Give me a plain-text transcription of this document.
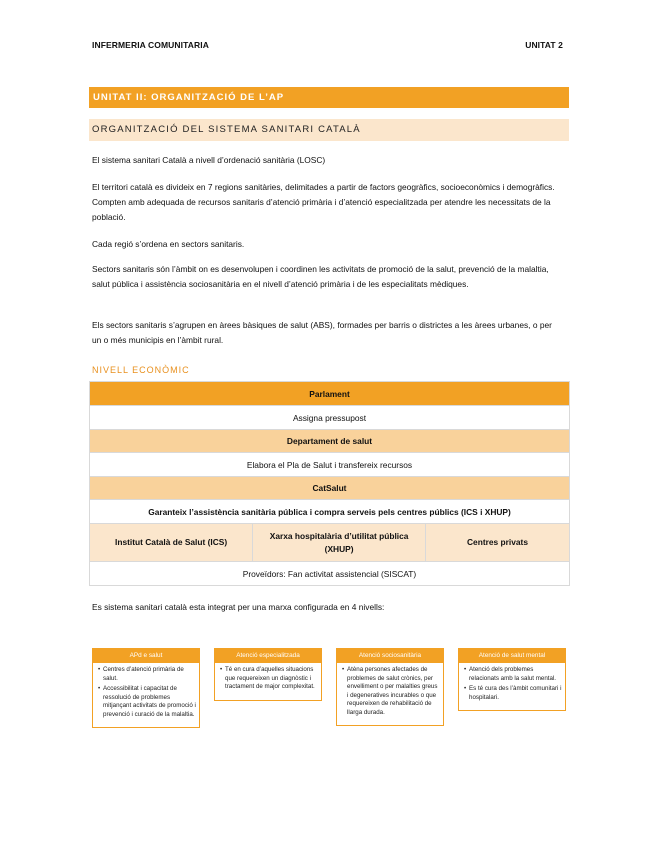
INFERMERIA COMUNITARIA	UNITAT 2
UNITAT II: ORGANITZACIÓ DE L’AP
ORGANITZACIÓ DEL SISTEMA SANITARI CATALÀ
El sistema sanitari Català a nivell d’ordenació sanitària (LOSC)
El territori català es divideix en 7 regions sanitàries, delimitades a partir de factors geogràfics, socioeconòmics i demogràfics. Compten amb adequada de recursos sanitaris d’atenció primària i d’atenció especialitzada per atendre les necessitats de la població.
Cada regió s’ordena en sectors sanitaris.
Sectors sanitaris són l’àmbit on es desenvolupen i coordinen les activitats de promoció de la salut, prevenció de la malaltia, salut pública i assistència sociosanitària en el nivell d’atenció primària i de les especialitats mèdiques.
Els sectors sanitaris s’agrupen en àrees bàsiques de salut (ABS), formades per barris o districtes a les àrees urbanes, o per un o més municipis en l’àmbit rural.
NIVELL ECONÒMIC
Parlament
Assigna pressupost
Departament de salut
Elabora el Pla de Salut i transfereix recursos
CatSalut
Garanteix l’assistència sanitària pública i compra serveis pels centres públics (ICS i XHUP)
Institut Català de Salut (ICS)	Xarxa hospitalària d’utilitat pública (XHUP)	Centres privats
Proveïdors: Fan activitat assistencial (SISCAT)
Es sistema sanitari català esta integrat per una marxa configurada en 4 nivells:
APd e salut
• Centres d’atenció primària de salut.
• Accessibilitat i capacitat de ressolució de problemes mitjançant activitats de promoció i prevenció i curació de la malaltia.
Atenció especialitzada
• Té en cura d’aquelles situacions que requereixen un diagnòstic i tractament de major complexitat.
Atenció sociosanitària
• Atèna persones afectades de problemes de salut crònics, per envelliment o per malalties greus i degeneratives incurables o que requereixen de rehabilitació de llarga durada.
Atenció de salut mental
• Atenció dels problemes relacionats amb la salut mental.
• Es té cura des l’àmbit comunitari i hospitalari.
